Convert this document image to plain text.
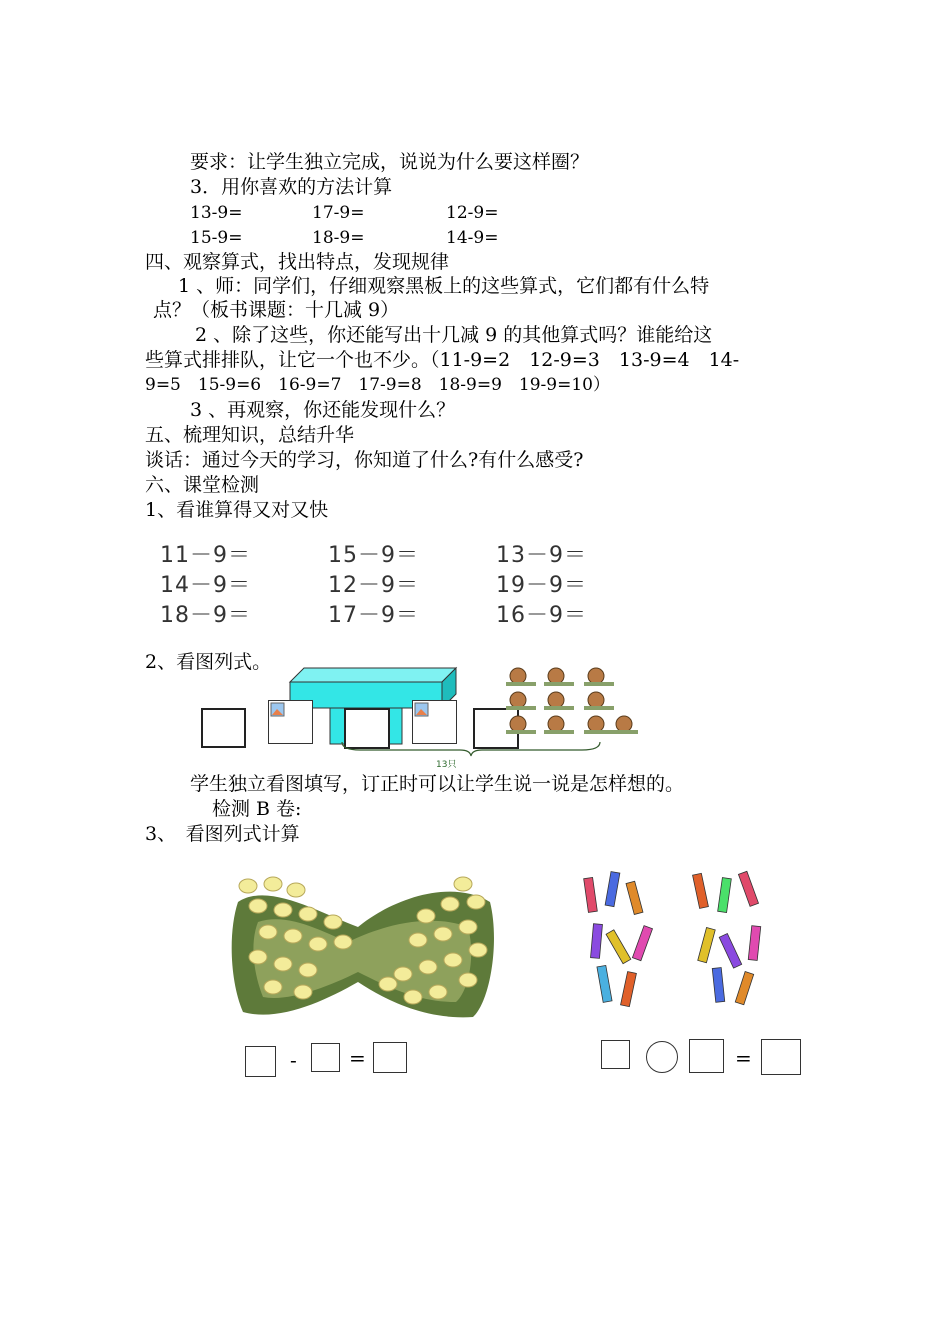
要求：让学生独立完成，说说为什么要这样圈？
3．用你喜欢的方法计算
13-9=	17-9=	12-9=
15-9=	18-9=	14-9=
四、观察算式，找出特点，发现规律
1 、师：同学们，仔细观察黑板上的这些算式，它们都有什么特
点？（板书课题：十几减 9）
2 、除了这些，你还能写出十几减 9 的其他算式吗？谁能给这
些算式排排队，让它一个也不少。（11-9=2　12-9=3　13-9=4　14-
9=5　15-9=6　16-9=7　17-9=8　18-9=9　19-9=10）
3 、再观察，你还能发现什么？
五、梳理知识，总结升华
谈话：通过今天的学习，你知道了什么?有什么感受?
六、课堂检测
1、看谁算得又对又快
11－9＝	15－9＝	13－9＝
14－9＝	12－9＝	19－9＝
18－9＝	17－9＝	16－9＝
2、看图列式。
13只
学生独立看图填写，订正时可以让学生说一说是怎样想的。
检测 B 卷:
3、　看图列式计算
-	=	=
